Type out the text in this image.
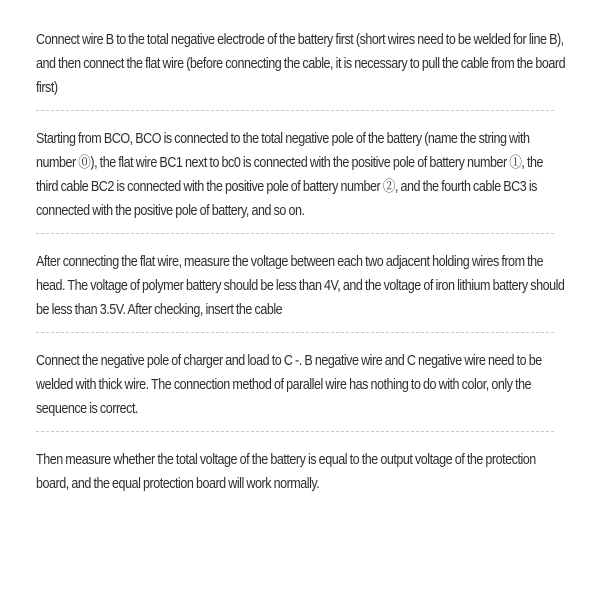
Connect wire B to the total negative electrode of the battery first (short wires need to be welded for line B), and then connect the flat wire (before connecting the cable, it is necessary to pull the cable from the board first)

Starting from BCO, BCO is connected to the total negative pole of the battery (name the string with number ⓪), the flat wire BC1 next to bc0 is connected with the positive pole of battery number ①, the third cable BC2 is connected with the positive pole of battery number ②, and the fourth cable BC3 is connected with the positive pole of battery, and so on.

After connecting the flat wire, measure the voltage between each two adjacent holding wires from the head. The voltage of polymer battery should be less than 4V, and the voltage of iron lithium battery should be less than 3.5V. After checking, insert the cable

Connect the negative pole of charger and load to C -. B negative wire and C negative wire need to be welded with thick wire. The connection method of parallel wire has nothing to do with color, only the sequence is correct.

Then measure whether the total voltage of the battery is equal to the output voltage of the protection board, and the equal protection board will work normally.
